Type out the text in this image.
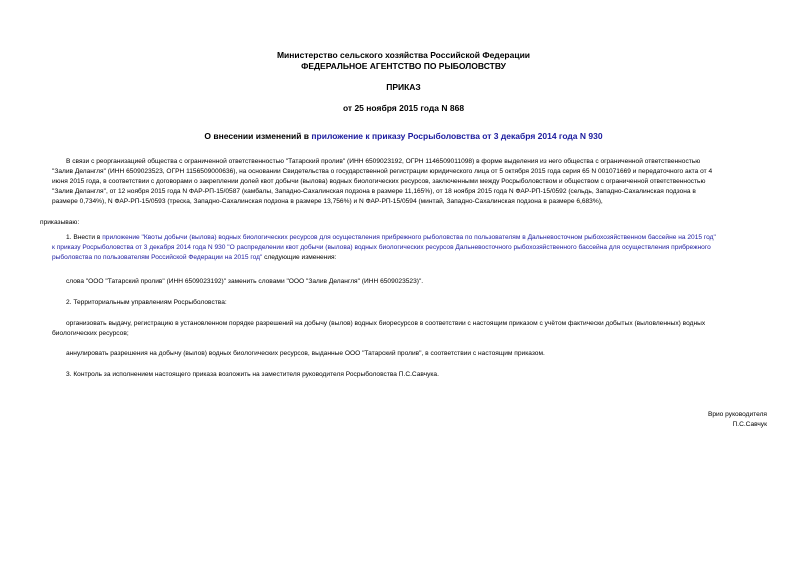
Министерство сельского хозяйства Российской Федерации
ФЕДЕРАЛЬНОЕ АГЕНТСТВО ПО РЫБОЛОВСТВУ
ПРИКАЗ
от 25 ноября 2015 года N 868
О внесении изменений в приложение к приказу Росрыболовства от 3 декабря 2014 года N 930
В связи с реорганизацией общества с ограниченной ответственностью "Татарский пролив" (ИНН 6509023192, ОГРН 1146509011098) в форме выделения из него общества с ограниченной ответственностью
"Залив Делангля" (ИНН 6509023523, ОГРН 1156509000636), на основании Свидетельства о государственной регистрации юридического лица от 5 октября 2015 года серия 65 N 001071669 и передаточного акта от 4
июня 2015 года, в соответствии с договорами о закреплении долей квот добычи (вылова) водных биологических ресурсов, заключенными между Росрыболовством и обществом с ограниченной ответственностью
"Залив Делангля", от 12 ноября 2015 года N ФАР-РП-15/0587 (камбалы, Западно-Сахалинская подзона в размере 11,165%), от 18 ноября 2015 года N ФАР-РП-15/0592 (сельдь, Западно-Сахалинская подзона в
размере 0,734%), N ФАР-РП-15/0593 (треска, Западно-Сахалинская подзона в размере 13,756%) и N ФАР-РП-15/0594 (минтай, Западно-Сахалинская подзона в размере 6,683%),
приказываю:
1. Внести в приложение "Квоты добычи (вылова) водных биологических ресурсов для осуществления прибрежного рыболовства по пользователям в Дальневосточном рыбохозяйственном бассейне на 2015 год"
к приказу Росрыболовства от 3 декабря 2014 года N 930 "О распределении квот добычи (вылова) водных биологических ресурсов Дальневосточного рыбохозяйственного бассейна для осуществления прибрежного
рыболовства по пользователям Российской Федерации на 2015 год" следующие изменения:
слова "ООО "Татарский пролив" (ИНН 6509023192)" заменить словами "ООО "Залив Делангля" (ИНН 6509023523)".
2. Территориальным управлениям Росрыболовства:
организовать выдачу, регистрацию в установленном порядке разрешений на добычу (вылов) водных биоресурсов в соответствии с настоящим приказом с учётом фактически добытых (выловленных) водных
биологических ресурсов;
аннулировать разрешения на добычу (вылов) водных биологических ресурсов, выданные ООО "Татарский пролив", в соответствии с настоящим приказом.
3. Контроль за исполнением настоящего приказа возложить на заместителя руководителя Росрыболовства П.С.Савчука.
Врио руководителя
П.С.Савчук
